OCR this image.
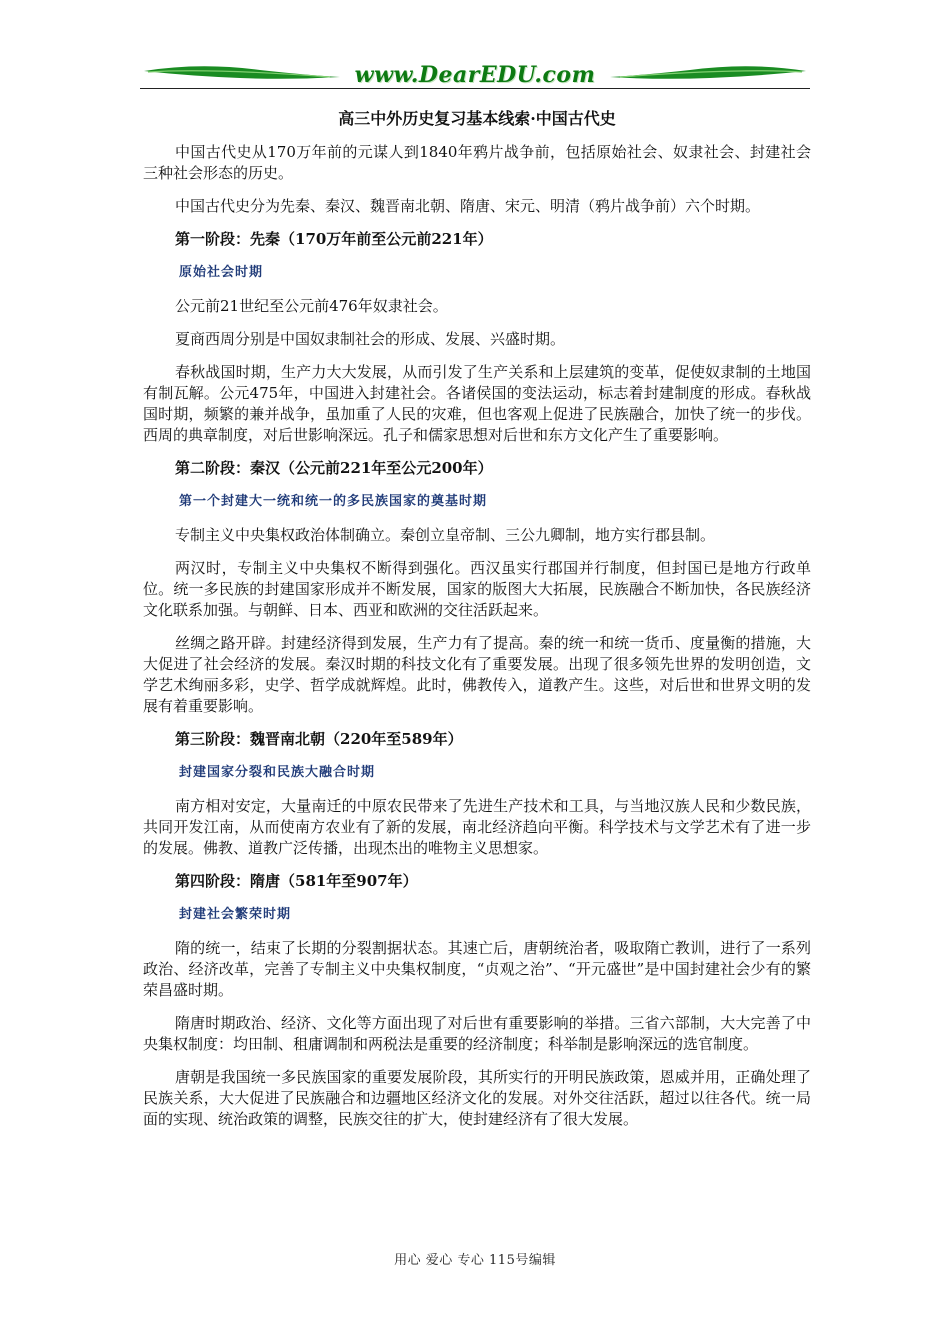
www.DearEDU.com
高三中外历史复习基本线索·中国古代史

中国古代史从170万年前的元谋人到1840年鸦片战争前，包括原始社会、奴隶社会、封建社会三种社会形态的历史。

中国古代史分为先秦、秦汉、魏晋南北朝、隋唐、宋元、明清（鸦片战争前）六个时期。

第一阶段：先秦（170万年前至公元前221年）

原始社会时期

公元前21世纪至公元前476年奴隶社会。

夏商西周分别是中国奴隶制社会的形成、发展、兴盛时期。

春秋战国时期，生产力大大发展，从而引发了生产关系和上层建筑的变革，促使奴隶制的土地国有制瓦解。公元475年，中国进入封建社会。各诸侯国的变法运动，标志着封建制度的形成。春秋战国时期，频繁的兼并战争，虽加重了人民的灾难，但也客观上促进了民族融合，加快了统一的步伐。西周的典章制度，对后世影响深远。孔子和儒家思想对后世和东方文化产生了重要影响。

第二阶段：秦汉（公元前221年至公元200年）

第一个封建大一统和统一的多民族国家的奠基时期

专制主义中央集权政治体制确立。秦创立皇帝制、三公九卿制，地方实行郡县制。

两汉时，专制主义中央集权不断得到强化。西汉虽实行郡国并行制度，但封国已是地方行政单位。统一多民族的封建国家形成并不断发展，国家的版图大大拓展，民族融合不断加快，各民族经济文化联系加强。与朝鲜、日本、西亚和欧洲的交往活跃起来。

丝绸之路开辟。封建经济得到发展，生产力有了提高。秦的统一和统一货币、度量衡的措施，大大促进了社会经济的发展。秦汉时期的科技文化有了重要发展。出现了很多领先世界的发明创造，文学艺术绚丽多彩，史学、哲学成就辉煌。此时，佛教传入，道教产生。这些，对后世和世界文明的发展有着重要影响。

第三阶段：魏晋南北朝（220年至589年）

封建国家分裂和民族大融合时期

南方相对安定，大量南迁的中原农民带来了先进生产技术和工具，与当地汉族人民和少数民族，共同开发江南，从而使南方农业有了新的发展，南北经济趋向平衡。科学技术与文学艺术有了进一步的发展。佛教、道教广泛传播，出现杰出的唯物主义思想家。

第四阶段：隋唐（581年至907年）

封建社会繁荣时期

隋的统一，结束了长期的分裂割据状态。其速亡后，唐朝统治者，吸取隋亡教训，进行了一系列政治、经济改革，完善了专制主义中央集权制度，“贞观之治”、“开元盛世”是中国封建社会少有的繁荣昌盛时期。

隋唐时期政治、经济、文化等方面出现了对后世有重要影响的举措。三省六部制，大大完善了中央集权制度：均田制、租庸调制和两税法是重要的经济制度；科举制是影响深远的选官制度。

唐朝是我国统一多民族国家的重要发展阶段，其所实行的开明民族政策，恩威并用，正确处理了民族关系，大大促进了民族融合和边疆地区经济文化的发展。对外交往活跃，超过以往各代。统一局面的实现、统治政策的调整，民族交往的扩大，使封建经济有了很大发展。

用心 爱心 专心 115号编辑
